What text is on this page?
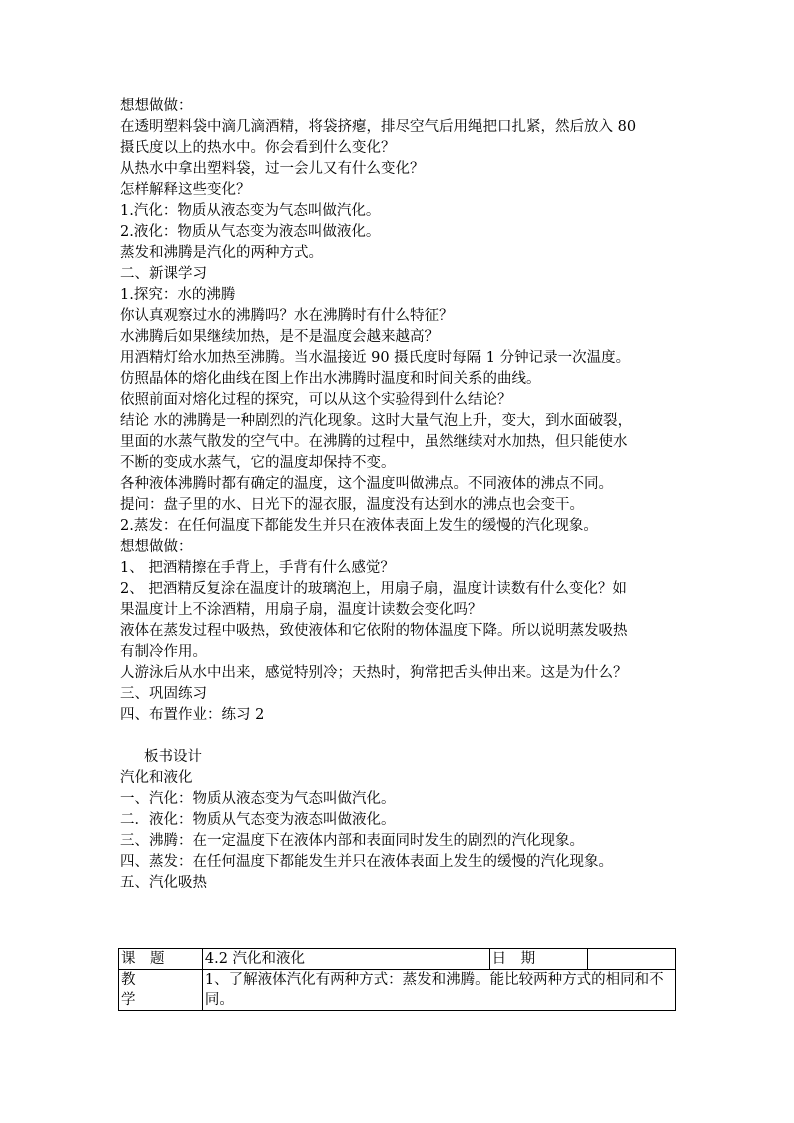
想想做做：
在透明塑料袋中滴几滴酒精，将袋挤瘪，排尽空气后用绳把口扎紧，然后放入 80
摄氏度以上的热水中。你会看到什么变化？
从热水中拿出塑料袋，过一会儿又有什么变化？
怎样解释这些变化？
1.汽化：物质从液态变为气态叫做汽化。
2.液化：物质从气态变为液态叫做液化。
蒸发和沸腾是汽化的两种方式。
二、新课学习
1.探究：水的沸腾
你认真观察过水的沸腾吗？水在沸腾时有什么特征？
水沸腾后如果继续加热，是不是温度会越来越高？
用酒精灯给水加热至沸腾。当水温接近 90 摄氏度时每隔 1 分钟记录一次温度。
仿照晶体的熔化曲线在图上作出水沸腾时温度和时间关系的曲线。
依照前面对熔化过程的探究，可以从这个实验得到什么结论？
结论 水的沸腾是一种剧烈的汽化现象。这时大量气泡上升，变大，到水面破裂，
里面的水蒸气散发的空气中。在沸腾的过程中，虽然继续对水加热，但只能使水
不断的变成水蒸气，它的温度却保持不变。
各种液体沸腾时都有确定的温度，这个温度叫做沸点。不同液体的沸点不同。
提问：盘子里的水、日光下的湿衣服，温度没有达到水的沸点也会变干。
2.蒸发：在任何温度下都能发生并只在液体表面上发生的缓慢的汽化现象。
想想做做：
1、 把酒精擦在手背上，手背有什么感觉？
2、 把酒精反复涂在温度计的玻璃泡上，用扇子扇，温度计读数有什么变化？如
果温度计上不涂酒精，用扇子扇，温度计读数会变化吗？
液体在蒸发过程中吸热，致使液体和它依附的物体温度下降。所以说明蒸发吸热
有制冷作用。
人游泳后从水中出来，感觉特别冷；天热时，狗常把舌头伸出来。这是为什么？
三、巩固练习
四、布置作业：练习 2
板书设计
汽化和液化
一、汽化：物质从液态变为气态叫做汽化。
二．液化：物质从气态变为液态叫做液化。
三、沸腾：在一定温度下在液体内部和表面同时发生的剧烈的汽化现象。
四、蒸发：在任何温度下都能发生并只在液体表面上发生的缓慢的汽化现象。
五、汽化吸热
课　题	4.2 汽化和液化	日　期	

教
学	1、了解液体汽化有两种方式：蒸发和沸腾。能比较两种方式的相同和不同。		
